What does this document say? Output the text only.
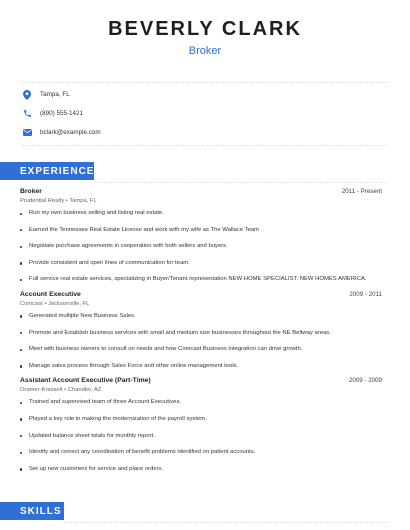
BEVERLY CLARK
Broker
Tampa, FL
(890) 555-1421
bclark@example.com
EXPERIENCE
Broker	2011 - Present
Prudential Realty • Tampa, FL
Run my own business selling and listing real estate.
Earned the Tennessee Real Estate License and work with my wife as The Wallace Team
Negotiate purchase agreements in cooperation with both sellers and buyers.
Provide consistent and open lines of communication for team.
Full service real estate services, specializing in Buyer/Tenant representation NEW HOME SPECIALIST: NEW HOMES AMERICA.
Account Executive	2009 - 2011
Comcast • Jacksonville, FL
Generated multiple New Business Sales.
Promote and Establish business services with small and medium size businesses throughout the NE Beltway areas.
Meet with business owners to consult on needs and how Comcast Business integration can drive growth.
Manage sales process through Sales Force and other online management tools.
Assistant Account Executive (Part-Time)	2009 - 2009
Oramer-Krasselt • Chandler, AZ
Trained and supervised team of three Account Executives.
Played a key role in making the modernization of the payroll system.
Updated balance sheet totals for monthly report.
Identify and correct any coordination of benefit problems identified on patient accounts.
Set up new customers for service and place orders.
SKILLS
